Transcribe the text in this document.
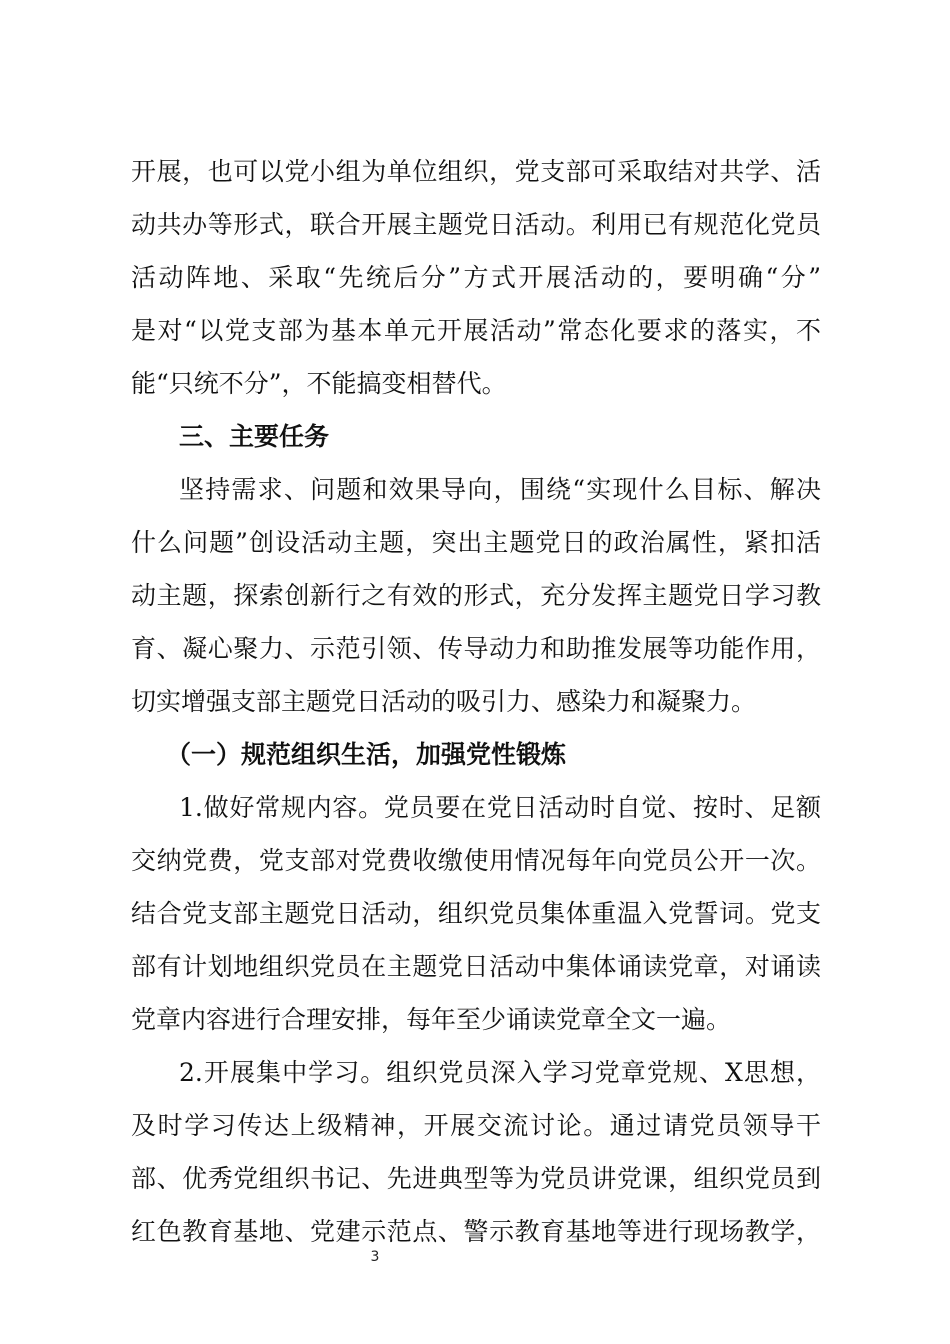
开展，也可以党小组为单位组织，党支部可采取结对共学、活
动共办等形式，联合开展主题党日活动。利用已有规范化党员
活动阵地、采取“先统后分”方式开展活动的，要明确“分”
是对“以党支部为基本单元开展活动”常态化要求的落实，不
能“只统不分”，不能搞变相替代。
三、主要任务
坚持需求、问题和效果导向，围绕“实现什么目标、解决
什么问题”创设活动主题，突出主题党日的政治属性，紧扣活
动主题，探索创新行之有效的形式，充分发挥主题党日学习教
育、凝心聚力、示范引领、传导动力和助推发展等功能作用，
切实增强支部主题党日活动的吸引力、感染力和凝聚力。
（一）规范组织生活，加强党性锻炼
1.做好常规内容。党员要在党日活动时自觉、按时、足额
交纳党费，党支部对党费收缴使用情况每年向党员公开一次。
结合党支部主题党日活动，组织党员集体重温入党誓词。党支
部有计划地组织党员在主题党日活动中集体诵读党章，对诵读
党章内容进行合理安排，每年至少诵读党章全文一遍。
2.开展集中学习。组织党员深入学习党章党规、X思想，
及时学习传达上级精神，开展交流讨论。通过请党员领导干
部、优秀党组织书记、先进典型等为党员讲党课，组织党员到
红色教育基地、党建示范点、警示教育基地等进行现场教学，
3
